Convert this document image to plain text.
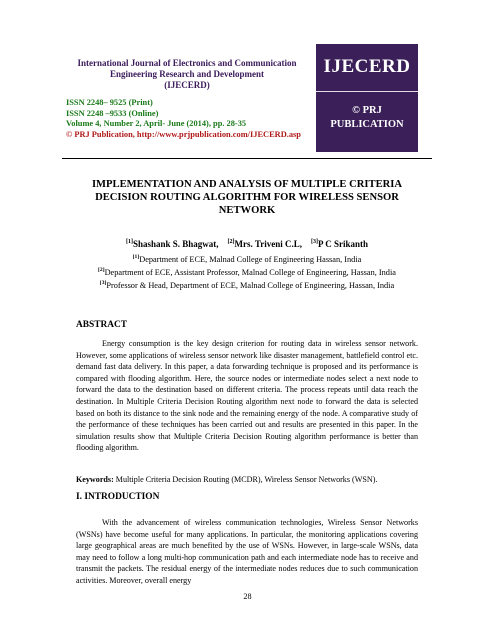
International Journal of Electronics and Communication
Engineering Research and Development
(IJECERD)
ISSN 2248– 9525 (Print)
ISSN 2248 –9533 (Online)
Volume 4, Number 2, April- June (2014), pp. 28-35
© PRJ Publication, http://www.prjpublication.com/IJECERD.asp
IJECERD
© PRJ
PUBLICATION
IMPLEMENTATION AND ANALYSIS OF MULTIPLE CRITERIA
DECISION ROUTING ALGORITHM FOR WIRELESS SENSOR
NETWORK
[1]Shashank S. Bhagwat, [2]Mrs. Triveni C.L, [3]P C Srikanth
[1]Department of ECE, Malnad College of Engineering Hassan, India
[2]Department of ECE, Assistant Professor, Malnad College of Engineering, Hassan, India
[3]Professor & Head, Department of ECE, Malnad College of Engineering, Hassan, India
ABSTRACT
Energy consumption is the key design criterion for routing data in wireless sensor network. However, some applications of wireless sensor network like disaster management, battlefield control etc. demand fast data delivery. In this paper, a data forwarding technique is proposed and its performance is compared with flooding algorithm. Here, the source nodes or intermediate nodes select a next node to forward the data to the destination based on different criteria. The process repeats until data reach the destination. In Multiple Criteria Decision Routing algorithm next node to forward the data is selected based on both its distance to the sink node and the remaining energy of the node. A comparative study of the performance of these techniques has been carried out and results are presented in this paper. In the simulation results show that Multiple Criteria Decision Routing algorithm performance is better than flooding algorithm.
Keywords: Multiple Criteria Decision Routing (MCDR), Wireless Sensor Networks (WSN).
I. INTRODUCTION
With the advancement of wireless communication technologies, Wireless Sensor Networks (WSNs) have become useful for many applications. In particular, the monitoring applications covering large geographical areas are much benefited by the use of WSNs. However, in large-scale WSNs, data may need to follow a long multi-hop communication path and each intermediate node has to receive and transmit the packets. The residual energy of the intermediate nodes reduces due to such communication activities. Moreover, overall energy
28
